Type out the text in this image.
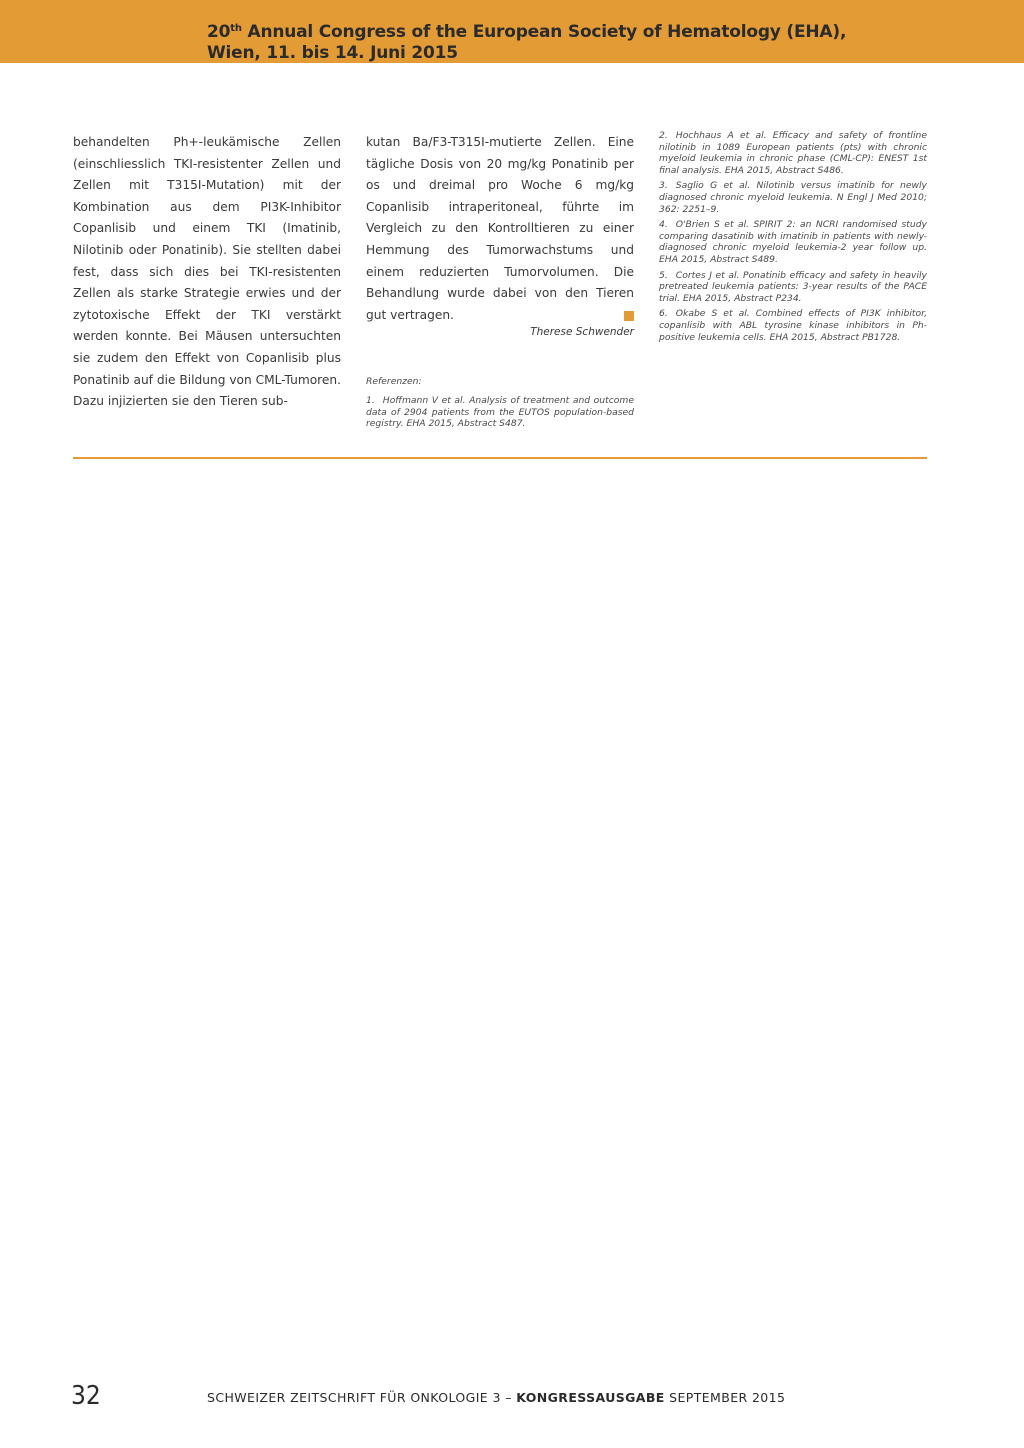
20th Annual Congress of the European Society of Hematology (EHA),
Wien, 11. bis 14. Juni 2015

behandelten Ph+-leukämische Zellen (einschliesslich TKI-resistenter Zellen und Zellen mit T315I-Mutation) mit der Kombination aus dem PI3K-Inhibitor Copanlisib und einem TKI (Imatinib, Nilotinib oder Ponatinib). Sie stellten dabei fest, dass sich dies bei TKI-resistenten Zellen als starke Strategie erwies und der zytotoxische Effekt der TKI verstärkt werden konnte. Bei Mäusen untersuchten sie zudem den Effekt von Copanlisib plus Ponatinib auf die Bildung von CML-Tumoren. Dazu injizierten sie den Tieren sub-

kutan Ba/F3-T315I-mutierte Zellen. Eine tägliche Dosis von 20 mg/kg Ponatinib per os und dreimal pro Woche 6 mg/kg Copanlisib intraperitoneal, führte im Vergleich zu den Kontrolltieren zu einer Hemmung des Tumorwachstums und einem reduzierten Tumorvolumen. Die Behandlung wurde dabei von den Tieren gut vertragen.

Therese Schwender
Referenzen:
1. Hoffmann V et al. Analysis of treatment and outcome data of 2904 patients from the EUTOS population-based registry. EHA 2015, Abstract S487.
2. Hochhaus A et al. Efficacy and safety of frontline nilotinib in 1089 European patients (pts) with chronic myeloid leukemia in chronic phase (CML-CP): ENEST 1st final analysis. EHA 2015, Abstract S486.
3. Saglio G et al. Nilotinib versus imatinib for newly diagnosed chronic myeloid leukemia. N Engl J Med 2010; 362: 2251–9.
4. O'Brien S et al. SPIRIT 2: an NCRI randomised study comparing dasatinib with imatinib in patients with newly-diagnosed chronic myeloid leukemia-2 year follow up. EHA 2015, Abstract S489.
5. Cortes J et al. Ponatinib efficacy and safety in heavily pretreated leukemia patients: 3-year results of the PACE trial. EHA 2015, Abstract P234.
6. Okabe S et al. Combined effects of PI3K inhibitor, copanlisib with ABL tyrosine kinase inhibitors in Ph-positive leukemia cells. EHA 2015, Abstract PB1728.
32	SCHWEIZER ZEITSCHRIFT FÜR ONKOLOGIE 3 – KONGRESSAUSGABE SEPTEMBER 2015
